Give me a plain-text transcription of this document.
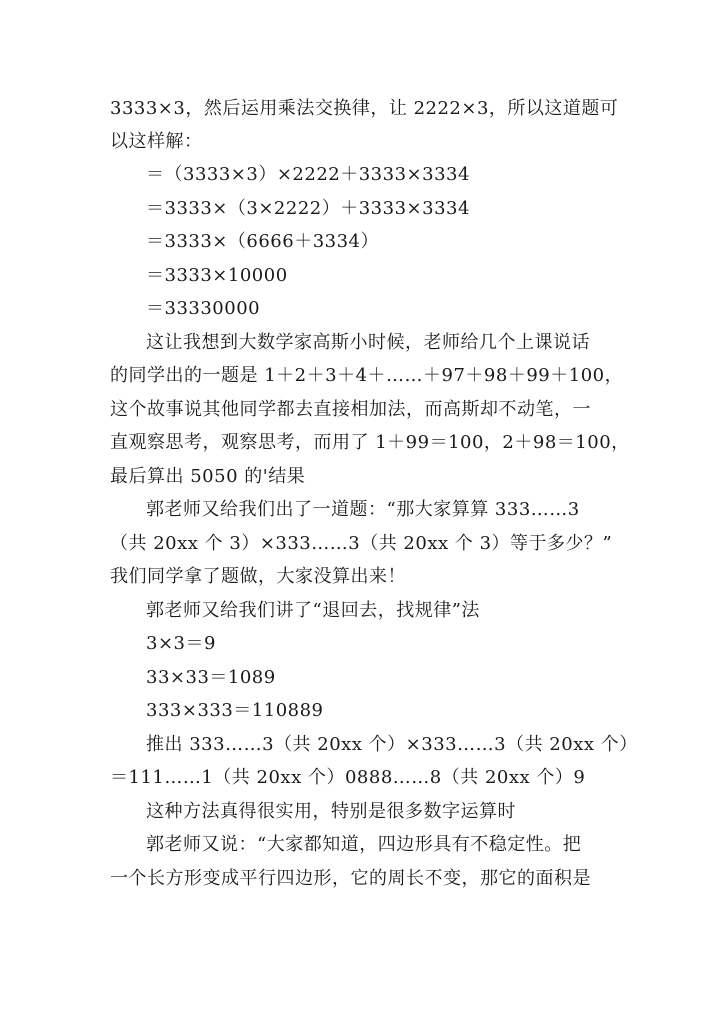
3333×3，然后运用乘法交换律，让 2222×3，所以这道题可
以这样解：
＝（3333×3）×2222＋3333×3334
＝3333×（3×2222）＋3333×3334
＝3333×（6666＋3334）
＝3333×10000
＝33330000
这让我想到大数学家高斯小时候，老师给几个上课说话
的同学出的一题是 1＋2＋3＋4＋……＋97＋98＋99＋100，
这个故事说其他同学都去直接相加法，而高斯却不动笔，一
直观察思考，观察思考，而用了 1＋99＝100，2＋98＝100，
最后算出 5050 的'结果
郭老师又给我们出了一道题：“那大家算算 333……3
（共 20xx 个 3）×333……3（共 20xx 个 3）等于多少？”
我们同学拿了题做，大家没算出来！
郭老师又给我们讲了“退回去，找规律”法
3×3＝9
33×33＝1089
333×333＝110889
推出 333……3（共 20xx 个）×333……3（共 20xx 个）
＝111……1（共 20xx 个）0888……8（共 20xx 个）9
这种方法真得很实用，特别是很多数字运算时
郭老师又说：“大家都知道，四边形具有不稳定性。把
一个长方形变成平行四边形，它的周长不变，那它的面积是
